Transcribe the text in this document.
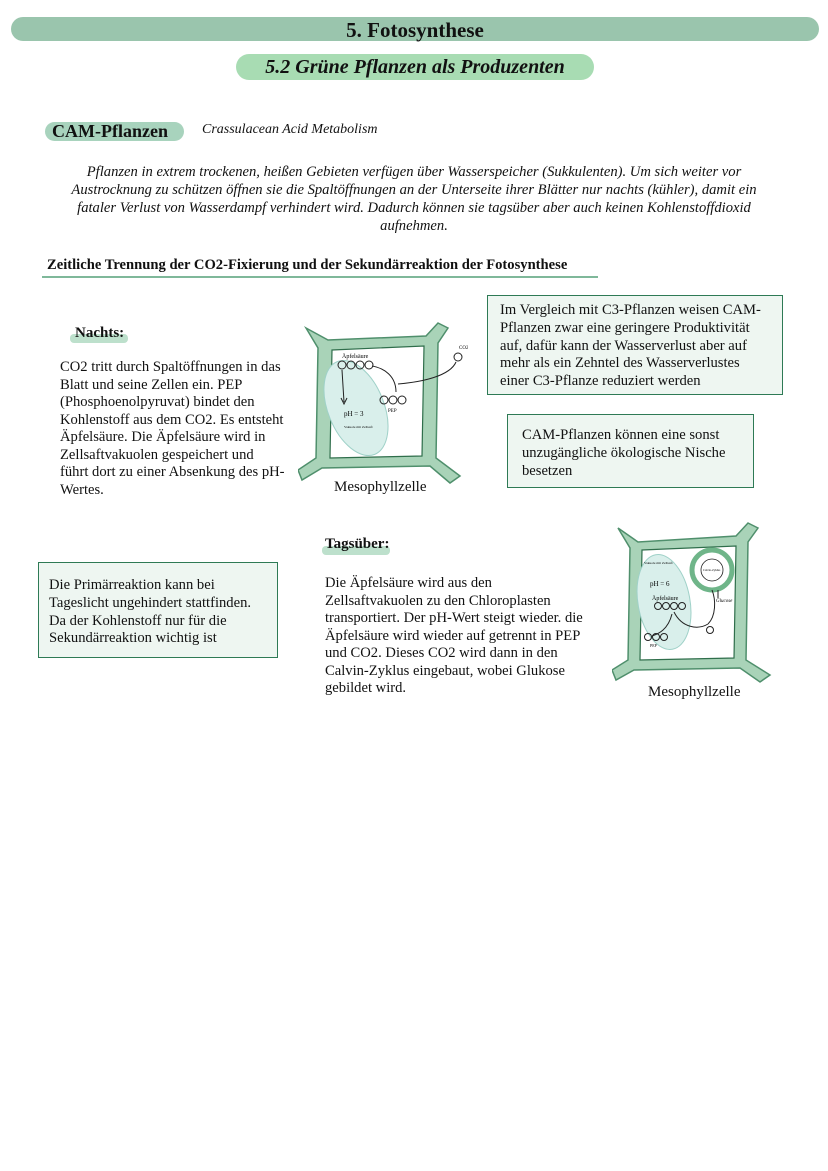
5. Fotosynthese
5.2 Grüne Pflanzen als Produzenten
CAM-Pflanzen Crassulacean Acid Metabolism
Pflanzen in extrem trockenen, heißen Gebieten verfügen über Wasserspeicher (Sukkulenten). Um sich weiter vor Austrocknung zu schützen öffnen sie die Spaltöffnungen an der Unterseite ihrer Blätter nur nachts (kühler), damit ein fataler Verlust von Wasserdampf verhindert wird. Dadurch können sie tagsüber aber auch keinen Kohlenstoffdioxid aufnehmen.
Zeitliche Trennung der CO2-Fixierung und der Sekundärreaktion der Fotosynthese
Nachts:
CO2 tritt durch Spaltöffnungen in das Blatt und seine Zellen ein. PEP (Phosphoenolpyruvat) bindet den Kohlenstoff aus dem CO2. Es entsteht Äpfelsäure. Die Äpfelsäure wird in Zellsaftvakuolen gespeichert und führt dort zu einer Absenkung des pH-Wertes.
Äpfelsäure
pH = 3
Vakuole mit Zellsaft
PEP
CO2
Mesophyllzelle
Im Vergleich mit C3-Pflanzen weisen CAM-Pflanzen zwar eine geringere Produktivität auf, dafür kann der Wasserverlust aber auf mehr als ein Zehntel des Wasserverlustes einer C3-Pflanze reduziert werden
CAM-Pflanzen können eine sonst unzugängliche ökologische Nische besetzen
Tagsüber:
Die Äpfelsäure wird aus den Zellsaftvakuolen zu den Chloroplasten transportiert. Der pH-Wert steigt wieder. die Äpfelsäure wird wieder auf getrennt in PEP und CO2. Dieses CO2 wird dann in den Calvin-Zyklus eingebaut, wobei Glukose gebildet wird.
Die Primärreaktion kann bei Tageslicht ungehindert stattfinden. Da der Kohlenstoff nur für die Sekundärreaktion wichtig ist
Vakuole mit Zellsaft
pH = 6
Äpfelsäure
Calvin-Zyklus
Glucose
PEP
Mesophyllzelle
